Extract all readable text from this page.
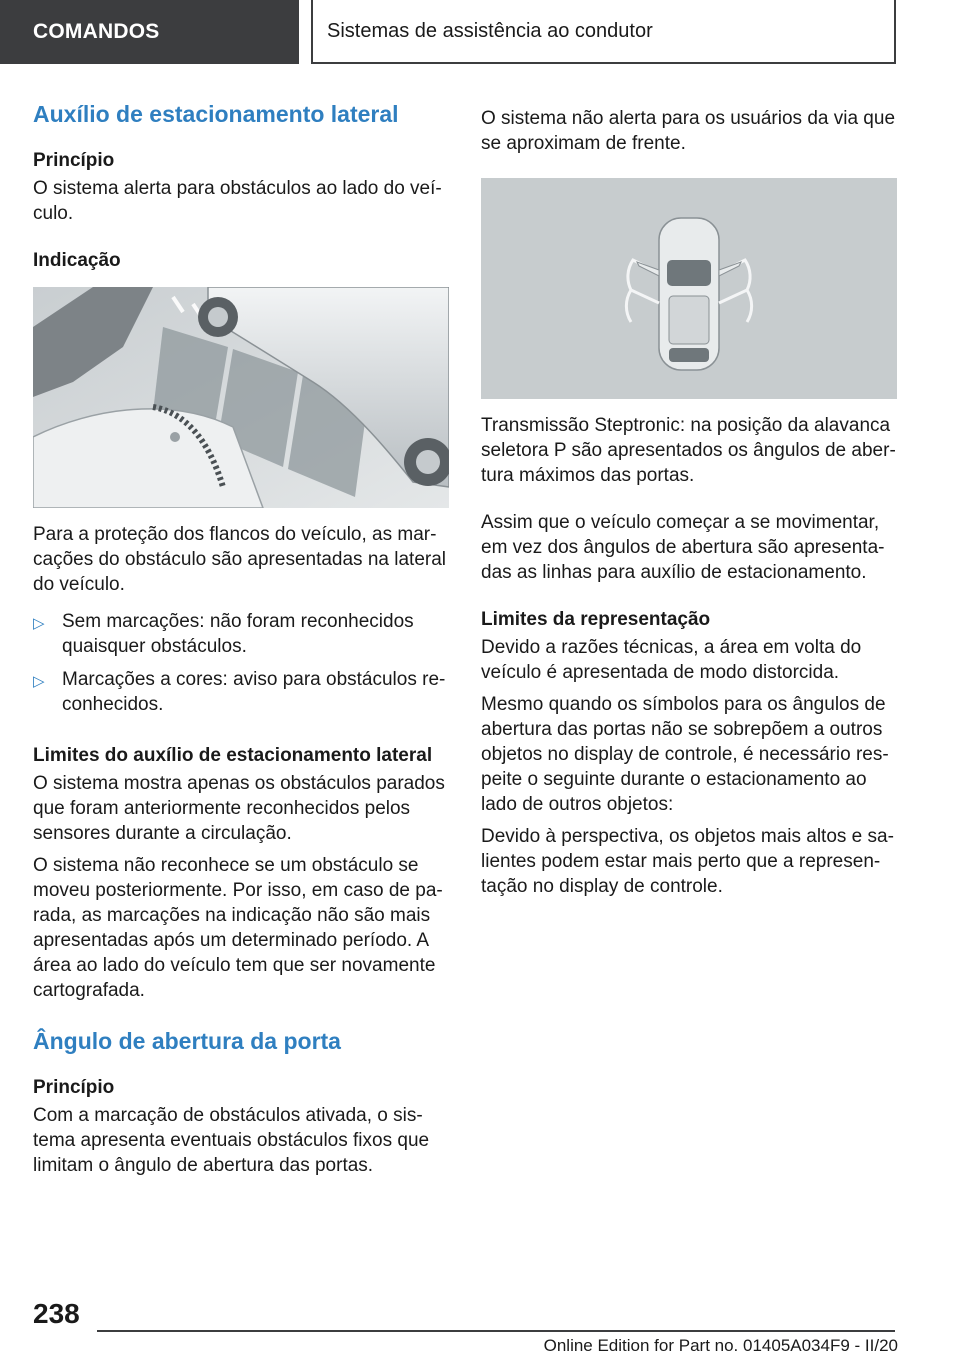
COMANDOS	Sistemas de assistência ao condutor
Auxílio de estacionamento lateral
Princípio

O sistema alerta para obstáculos ao lado do veículo.

Indicação

Para a proteção dos flancos do veículo, as marcações do obstáculo são apresentadas na lateral do veículo.

▷ Sem marcações: não foram reconhecidos quaisquer obstáculos.
▷ Marcações a cores: aviso para obstáculos reconhecidos.
Limites do auxílio de estacionamento lateral

O sistema mostra apenas os obstáculos parados que foram anteriormente reconhecidos pelos sensores durante a circulação.

O sistema não reconhece se um obstáculo se moveu posteriormente. Por isso, em caso de parada, as marcações na indicação não são mais apresentadas após um determinado período. A área ao lado do veículo tem que ser novamente cartografada.

Ângulo de abertura da porta
Princípio

Com a marcação de obstáculos ativada, o sistema apresenta eventuais obstáculos fixos que limitam o ângulo de abertura das portas.

O sistema não alerta para os usuários da via que se aproximam de frente.

Transmissão Steptronic: na posição da alavanca seletora P são apresentados os ângulos de abertura máximos das portas.

Assim que o veículo começar a se movimentar, em vez dos ângulos de abertura são apresentadas as linhas para auxílio de estacionamento.

Limites da representação

Devido a razões técnicas, a área em volta do veículo é apresentada de modo distorcida.

Mesmo quando os símbolos para os ângulos de abertura das portas não se sobrepõem a outros objetos no display de controle, é necessário respeite o seguinte durante o estacionamento ao lado de outros objetos:

Devido à perspectiva, os objetos mais altos e salientes podem estar mais perto que a representação no display de controle.

238
Online Edition for Part no. 01405A034F9 - II/20
